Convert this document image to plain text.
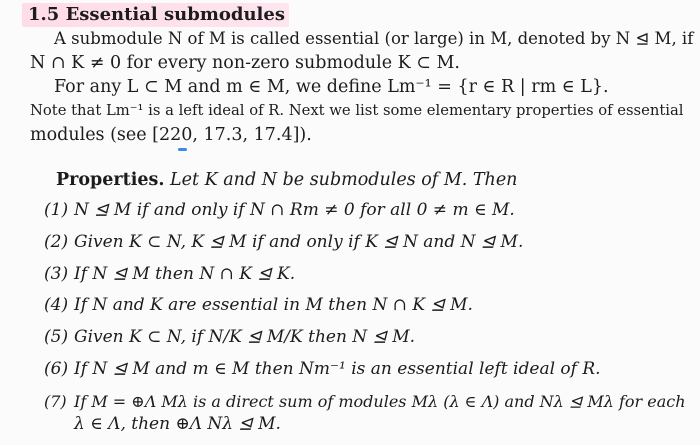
1.5 Essential submodules
A submodule N of M is called essential (or large) in M, denoted by N ⊴ M, if
N ∩ K ≠ 0 for every non-zero submodule K ⊂ M.
For any L ⊂ M and m ∈ M, we define Lm⁻¹ = {r ∈ R | rm ∈ L}.
Note that Lm⁻¹ is a left ideal of R. Next we list some elementary properties of essential
modules (see [220, 17.3, 17.4]).
Properties. Let K and N be submodules of M. Then
(1) N ⊴ M if and only if N ∩ Rm ≠ 0 for all 0 ≠ m ∈ M.
(2) Given K ⊂ N, K ⊴ M if and only if K ⊴ N and N ⊴ M.
(3) If N ⊴ M then N ∩ K ⊴ K.
(4) If N and K are essential in M then N ∩ K ⊴ M.
(5) Given K ⊂ N, if N/K ⊴ M/K then N ⊴ M.
(6) If N ⊴ M and m ∈ M then Nm⁻¹ is an essential left ideal of R.
(7) If M = ⊕Λ Mλ is a direct sum of modules Mλ (λ ∈ Λ) and Nλ ⊴ Mλ for each
λ ∈ Λ, then ⊕Λ Nλ ⊴ M.
